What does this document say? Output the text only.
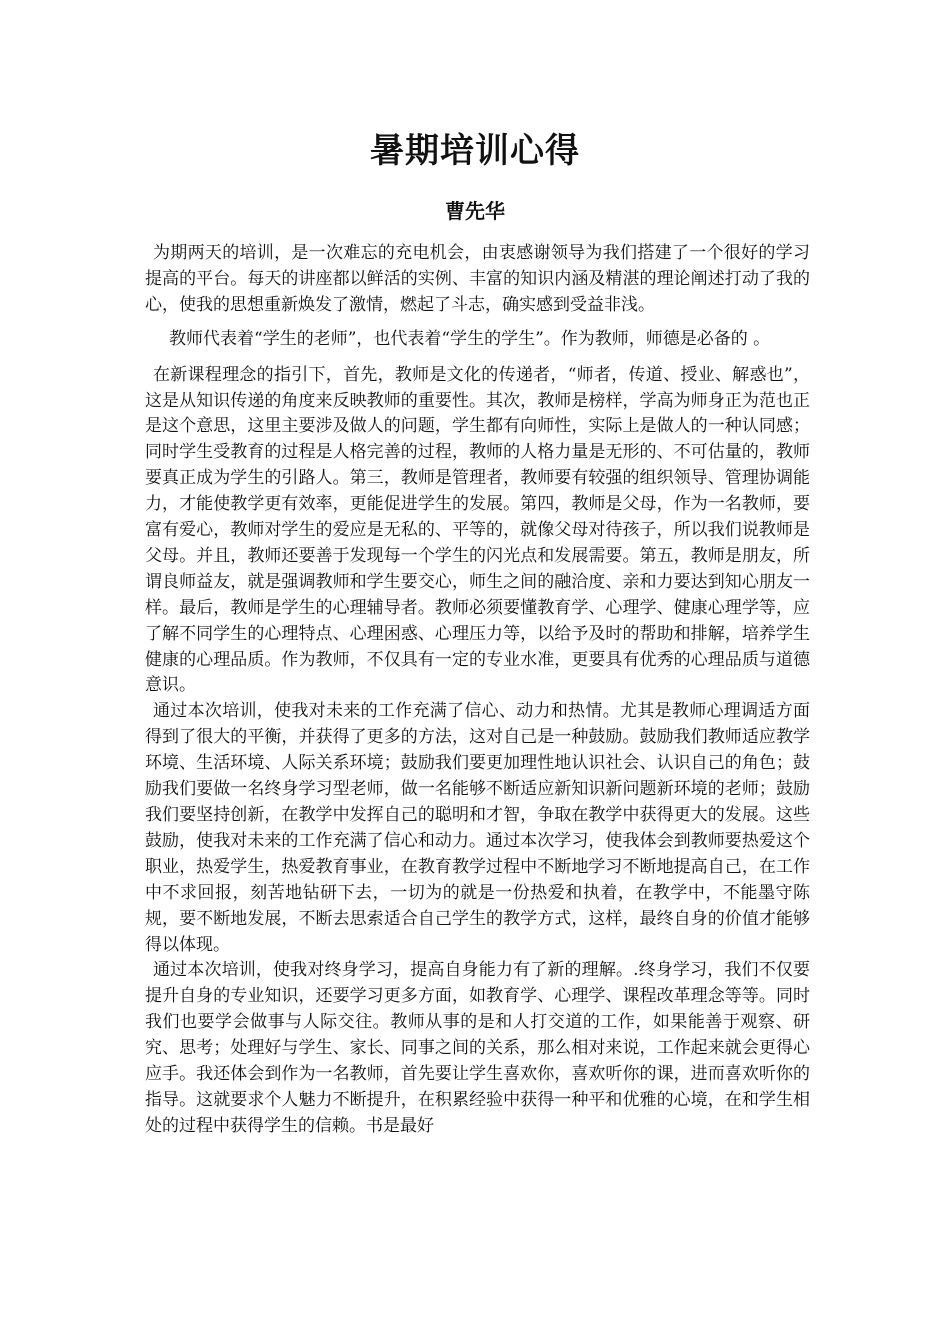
暑期培训心得
曹先华

为期两天的培训，是一次难忘的充电机会，由衷感谢领导为我们搭建了一个很好的学习提高的平台。每天的讲座都以鲜活的实例、丰富的知识内涵及精湛的理论阐述打动了我的心，使我的思想重新焕发了激情，燃起了斗志，确实感到受益非浅。

教师代表着“学生的老师”，也代表着“学生的学生”。作为教师，师德是必备的 。

在新课程理念的指引下，首先，教师是文化的传递者，“师者，传道、授业、解惑也”，这是从知识传递的角度来反映教师的重要性。其次，教师是榜样，学高为师身正为范也正是这个意思，这里主要涉及做人的问题，学生都有向师性，实际上是做人的一种认同感；同时学生受教育的过程是人格完善的过程，教师的人格力量是无形的、不可估量的，教师要真正成为学生的引路人。第三，教师是管理者，教师要有较强的组织领导、管理协调能力，才能使教学更有效率，更能促进学生的发展。第四，教师是父母，作为一名教师，要富有爱心，教师对学生的爱应是无私的、平等的，就像父母对待孩子，所以我们说教师是父母。并且，教师还要善于发现每一个学生的闪光点和发展需要。第五，教师是朋友，所谓良师益友，就是强调教师和学生要交心，师生之间的融洽度、亲和力要达到知心朋友一样。最后，教师是学生的心理辅导者。教师必须要懂教育学、心理学、健康心理学等，应了解不同学生的心理特点、心理困惑、心理压力等，以给予及时的帮助和排解，培养学生健康的心理品质。作为教师，不仅具有一定的专业水准，更要具有优秀的心理品质与道德意识。

通过本次培训，使我对未来的工作充满了信心、动力和热情。尤其是教师心理调适方面得到了很大的平衡，并获得了更多的方法，这对自己是一种鼓励。鼓励我们教师适应教学环境、生活环境、人际关系环境；鼓励我们要更加理性地认识社会、认识自己的角色；鼓励我们要做一名终身学习型老师，做一名能够不断适应新知识新问题新环境的老师；鼓励我们要坚持创新，在教学中发挥自己的聪明和才智，争取在教学中获得更大的发展。这些鼓励，使我对未来的工作充满了信心和动力。通过本次学习，使我体会到教师要热爱这个职业，热爱学生，热爱教育事业，在教育教学过程中不断地学习不断地提高自己，在工作中不求回报，刻苦地钻研下去，一切为的就是一份热爱和执着，在教学中，不能墨守陈规，要不断地发展，不断去思索适合自己学生的教学方式，这样，最终自身的价值才能够得以体现。

通过本次培训，使我对终身学习，提高自身能力有了新的理解。.终身学习，我们不仅要提升自身的专业知识，还要学习更多方面，如教育学、心理学、课程改革理念等等。同时我们也要学会做事与人际交往。教师从事的是和人打交道的工作，如果能善于观察、研究、思考；处理好与学生、家长、同事之间的关系，那么相对来说，工作起来就会更得心应手。我还体会到作为一名教师，首先要让学生喜欢你，喜欢听你的课，进而喜欢听你的指导。这就要求个人魅力不断提升，在积累经验中获得一种平和优雅的心境，在和学生相处的过程中获得学生的信赖。书是最好
